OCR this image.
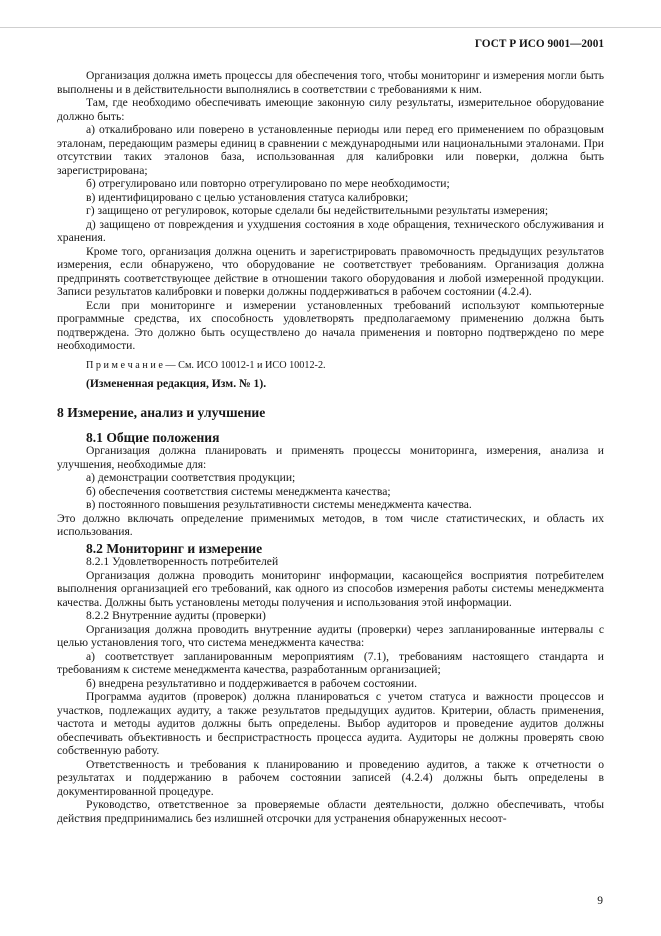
ГОСТ Р ИСО 9001—2001

Организация должна иметь процессы для обеспечения того, чтобы мониторинг и измерения могли быть выполнены и в действительности выполнялись в соответствии с требованиями к ним.

Там, где необходимо обеспечивать имеющие законную силу результаты, измерительное оборудование должно быть:

а) откалибровано или поверено в установленные периоды или перед его применением по образцовым эталонам, передающим размеры единиц в сравнении с международными или национальными эталонами. При отсутствии таких эталонов база, использованная для калибровки или поверки, должна быть зарегистрирована;

б) отрегулировано или повторно отрегулировано по мере необходимости;

в) идентифицировано с целью установления статуса калибровки;

г) защищено от регулировок, которые сделали бы недействительными результаты измерения;

д) защищено от повреждения и ухудшения состояния в ходе обращения, технического обслуживания и хранения.

Кроме того, организация должна оценить и зарегистрировать правомочность предыдущих результатов измерения, если обнаружено, что оборудование не соответствует требованиям. Организация должна предпринять соответствующее действие в отношении такого оборудования и любой измеренной продукции. Записи результатов калибровки и поверки должны поддерживаться в рабочем состоянии (4.2.4).

Если при мониторинге и измерении установленных требований используют компьютерные программные средства, их способность удовлетворять предполагаемому применению должна быть подтверждена. Это должно быть осуществлено до начала применения и повторно подтверждено по мере необходимости.

П р и м е ч а н и е — См. ИСО 10012-1 и ИСО 10012-2.

(Измененная редакция, Изм. № 1).

8 Измерение, анализ и улучшение
8.1 Общие положения

Организация должна планировать и применять процессы мониторинга, измерения, анализа и улучшения, необходимые для:

а) демонстрации соответствия продукции;

б) обеспечения соответствия системы менеджмента качества;

в) постоянного повышения результативности системы менеджмента качества.

Это должно включать определение применимых методов, в том числе статистических, и область их использования.

8.2 Мониторинг и измерение

8.2.1 Удовлетворенность потребителей

Организация должна проводить мониторинг информации, касающейся восприятия потребителем выполнения организацией его требований, как одного из способов измерения работы системы менеджмента качества. Должны быть установлены методы получения и использования этой информации.

8.2.2 Внутренние аудиты (проверки)

Организация должна проводить внутренние аудиты (проверки) через запланированные интервалы с целью установления того, что система менеджмента качества:

а) соответствует запланированным мероприятиям (7.1), требованиям настоящего стандарта и требованиям к системе менеджмента качества, разработанным организацией;

б) внедрена результативно и поддерживается в рабочем состоянии.

Программа аудитов (проверок) должна планироваться с учетом статуса и важности процессов и участков, подлежащих аудиту, а также результатов предыдущих аудитов. Критерии, область применения, частота и методы аудитов должны быть определены. Выбор аудиторов и проведение аудитов должны обеспечивать объективность и беспристрастность процесса аудита. Аудиторы не должны проверять свою собственную работу.

Ответственность и требования к планированию и проведению аудитов, а также к отчетности о результатах и поддержанию в рабочем состоянии записей (4.2.4) должны быть определены в документированной процедуре.

Руководство, ответственное за проверяемые области деятельности, должно обеспечивать, чтобы действия предпринимались без излишней отсрочки для устранения обнаруженных несоот-

9
